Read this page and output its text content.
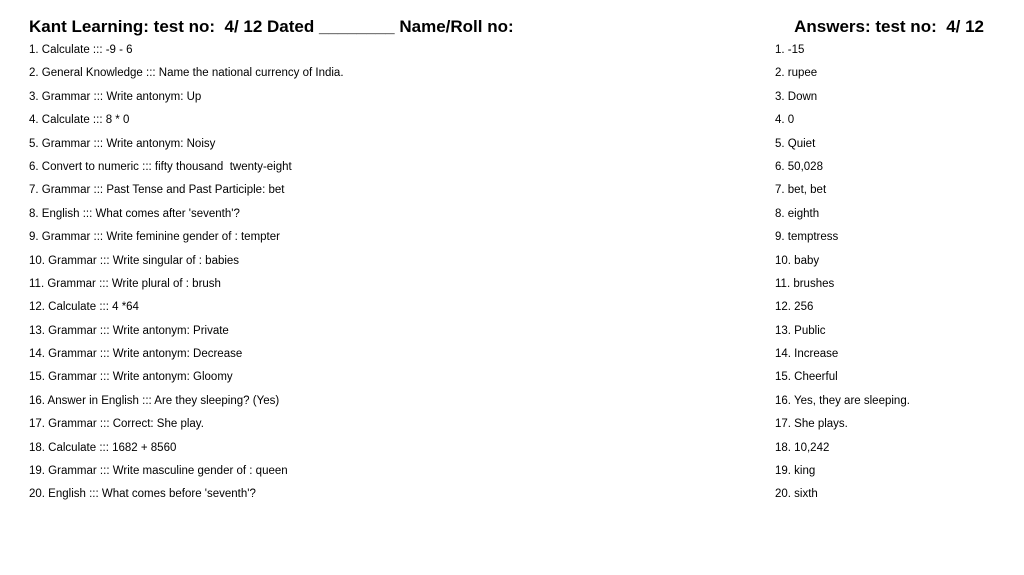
Kant Learning: test no:  4/ 12 Dated ________ Name/Roll no:	Answers: test no:  4/ 12
1. Calculate ::: -9 - 6
2. General Knowledge ::: Name the national currency of India.
3. Grammar ::: Write antonym: Up
4. Calculate ::: 8 * 0
5. Grammar ::: Write antonym: Noisy
6. Convert to numeric ::: fifty thousand  twenty-eight
7. Grammar ::: Past Tense and Past Participle: bet
8. English ::: What comes after 'seventh'?
9. Grammar ::: Write feminine gender of : tempter
10. Grammar ::: Write singular of : babies
11. Grammar ::: Write plural of : brush
12. Calculate ::: 4 *64
13. Grammar ::: Write antonym: Private
14. Grammar ::: Write antonym: Decrease
15. Grammar ::: Write antonym: Gloomy
16. Answer in English ::: Are they sleeping? (Yes)
17. Grammar ::: Correct: She play.
18. Calculate ::: 1682 + 8560
19. Grammar ::: Write masculine gender of : queen
20. English ::: What comes before 'seventh'?
1. -15
2. rupee
3. Down
4. 0
5. Quiet
6. 50,028
7. bet, bet
8. eighth
9. temptress
10. baby
11. brushes
12. 256
13. Public
14. Increase
15. Cheerful
16. Yes, they are sleeping.
17. She plays.
18. 10,242
19. king
20. sixth
